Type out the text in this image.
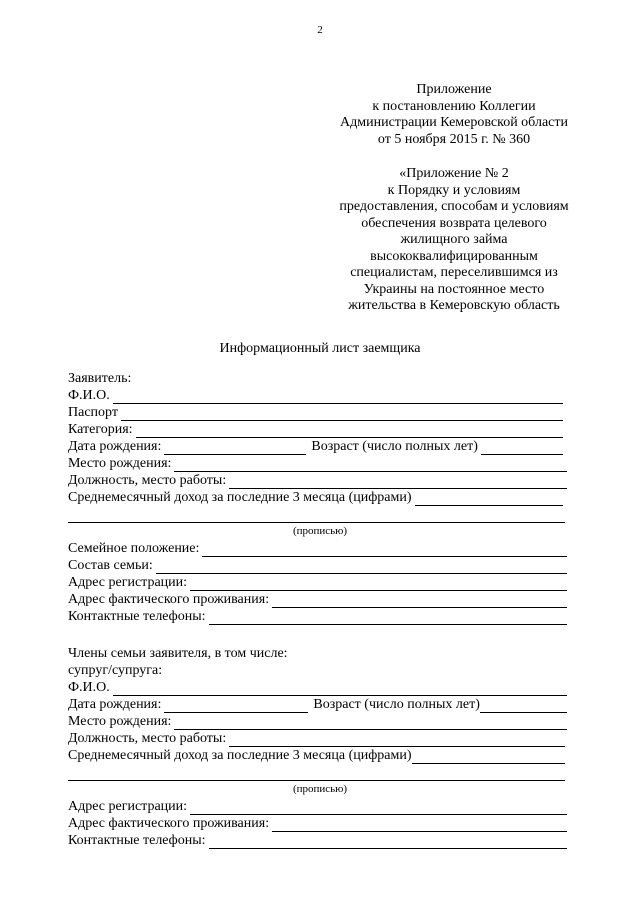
2
Приложение
к постановлению Коллегии
Администрации Кемеровской области
от 5 ноября 2015 г. № 360
«Приложение № 2
к Порядку и условиям
предоставления, способам и условиям
обеспечения возврата целевого
жилищного займа
высококвалифицированным
специалистам, переселившимся из
Украины на постоянное место
жительства в Кемеровскую область
Информационный лист заемщика
Заявитель:
Ф.И.О.
Паспорт
Категория:
Дата рождения:	Возраст (число полных лет)
Место рождения:
Должность, место работы:
Среднемесячный доход за последние 3 месяца (цифрами)
(прописью)
Семейное положение:
Состав семьи:
Адрес регистрации:
Адрес фактического проживания:
Контактные телефоны:
Члены семьи заявителя, в том числе:
супруг/супруга:
Ф.И.О.
Дата рождения:	Возраст (число полных лет)
Место рождения:
Должность, место работы:
Среднемесячный доход за последние 3 месяца (цифрами)
(прописью)
Адрес регистрации:
Адрес фактического проживания:
Контактные телефоны:
